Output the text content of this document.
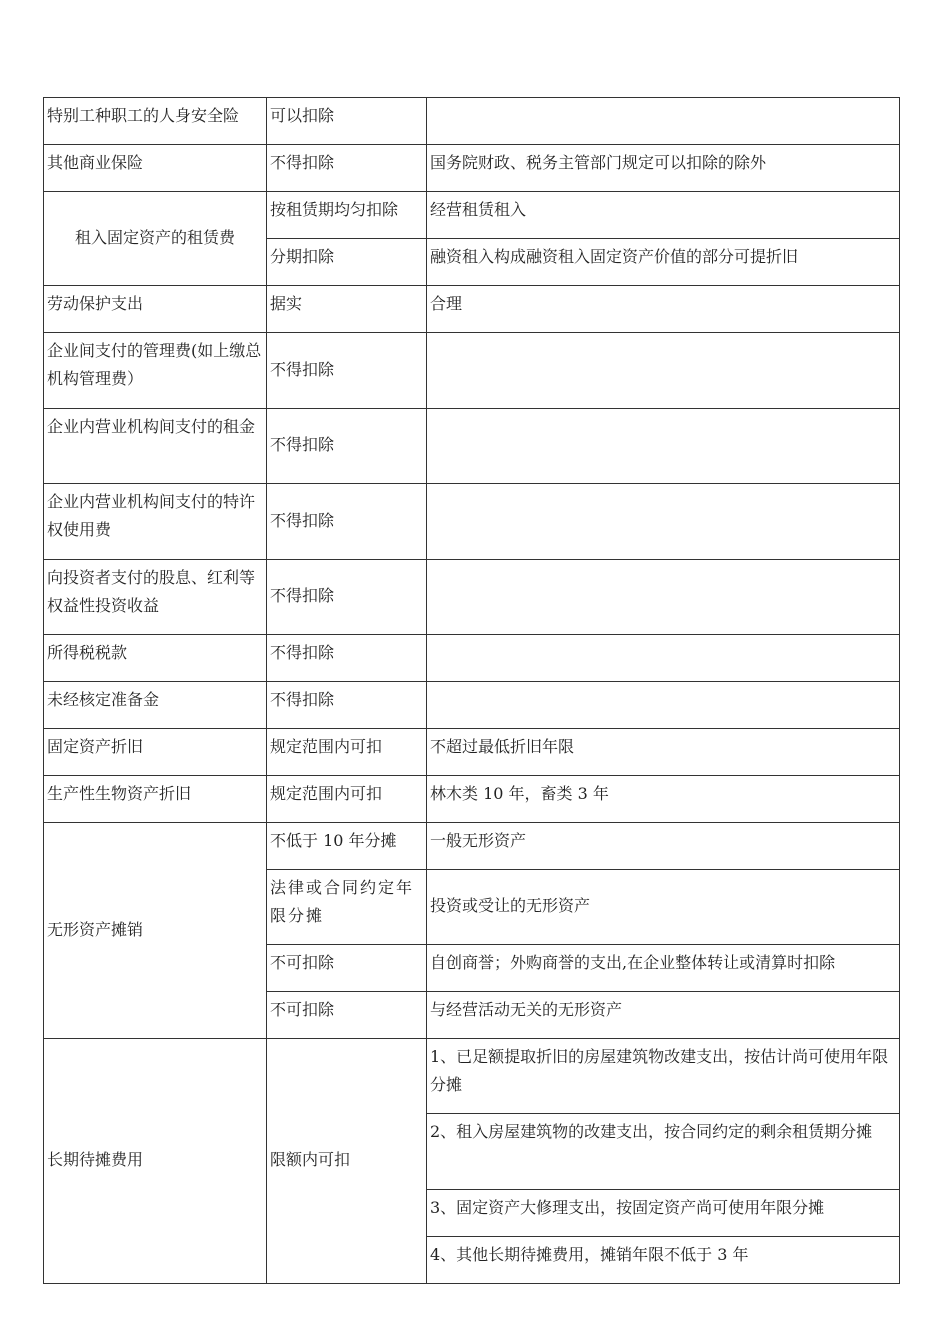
特别工种职工的人身安全险	可以扣除	
其他商业保险	不得扣除	国务院财政、税务主管部门规定可以扣除的除外
租入固定资产的租赁费	按租赁期均匀扣除	经营租赁租入
	分期扣除	融资租入构成融资租入固定资产价值的部分可提折旧
劳动保护支出	据实	合理
企业间支付的管理费(如上缴总机构管理费）	不得扣除	
企业内营业机构间支付的租金	不得扣除	
企业内营业机构间支付的特许权使用费	不得扣除	
向投资者支付的股息、红利等权益性投资收益	不得扣除	
所得税税款	不得扣除	
未经核定准备金	不得扣除	
固定资产折旧	规定范围内可扣	不超过最低折旧年限
生产性生物资产折旧	规定范围内可扣	林木类 10 年，畜类 3 年
无形资产摊销	不低于 10 年分摊	一般无形资产
	法律或合同约定年限分摊	投资或受让的无形资产
	不可扣除	自创商誉；外购商誉的支出,在企业整体转让或清算时扣除
	不可扣除	与经营活动无关的无形资产
长期待摊费用	限额内可扣	1、已足额提取折旧的房屋建筑物改建支出，按估计尚可使用年限分摊
		2、租入房屋建筑物的改建支出，按合同约定的剩余租赁期分摊
		3、固定资产大修理支出，按固定资产尚可使用年限分摊
		4、其他长期待摊费用，摊销年限不低于 3 年
